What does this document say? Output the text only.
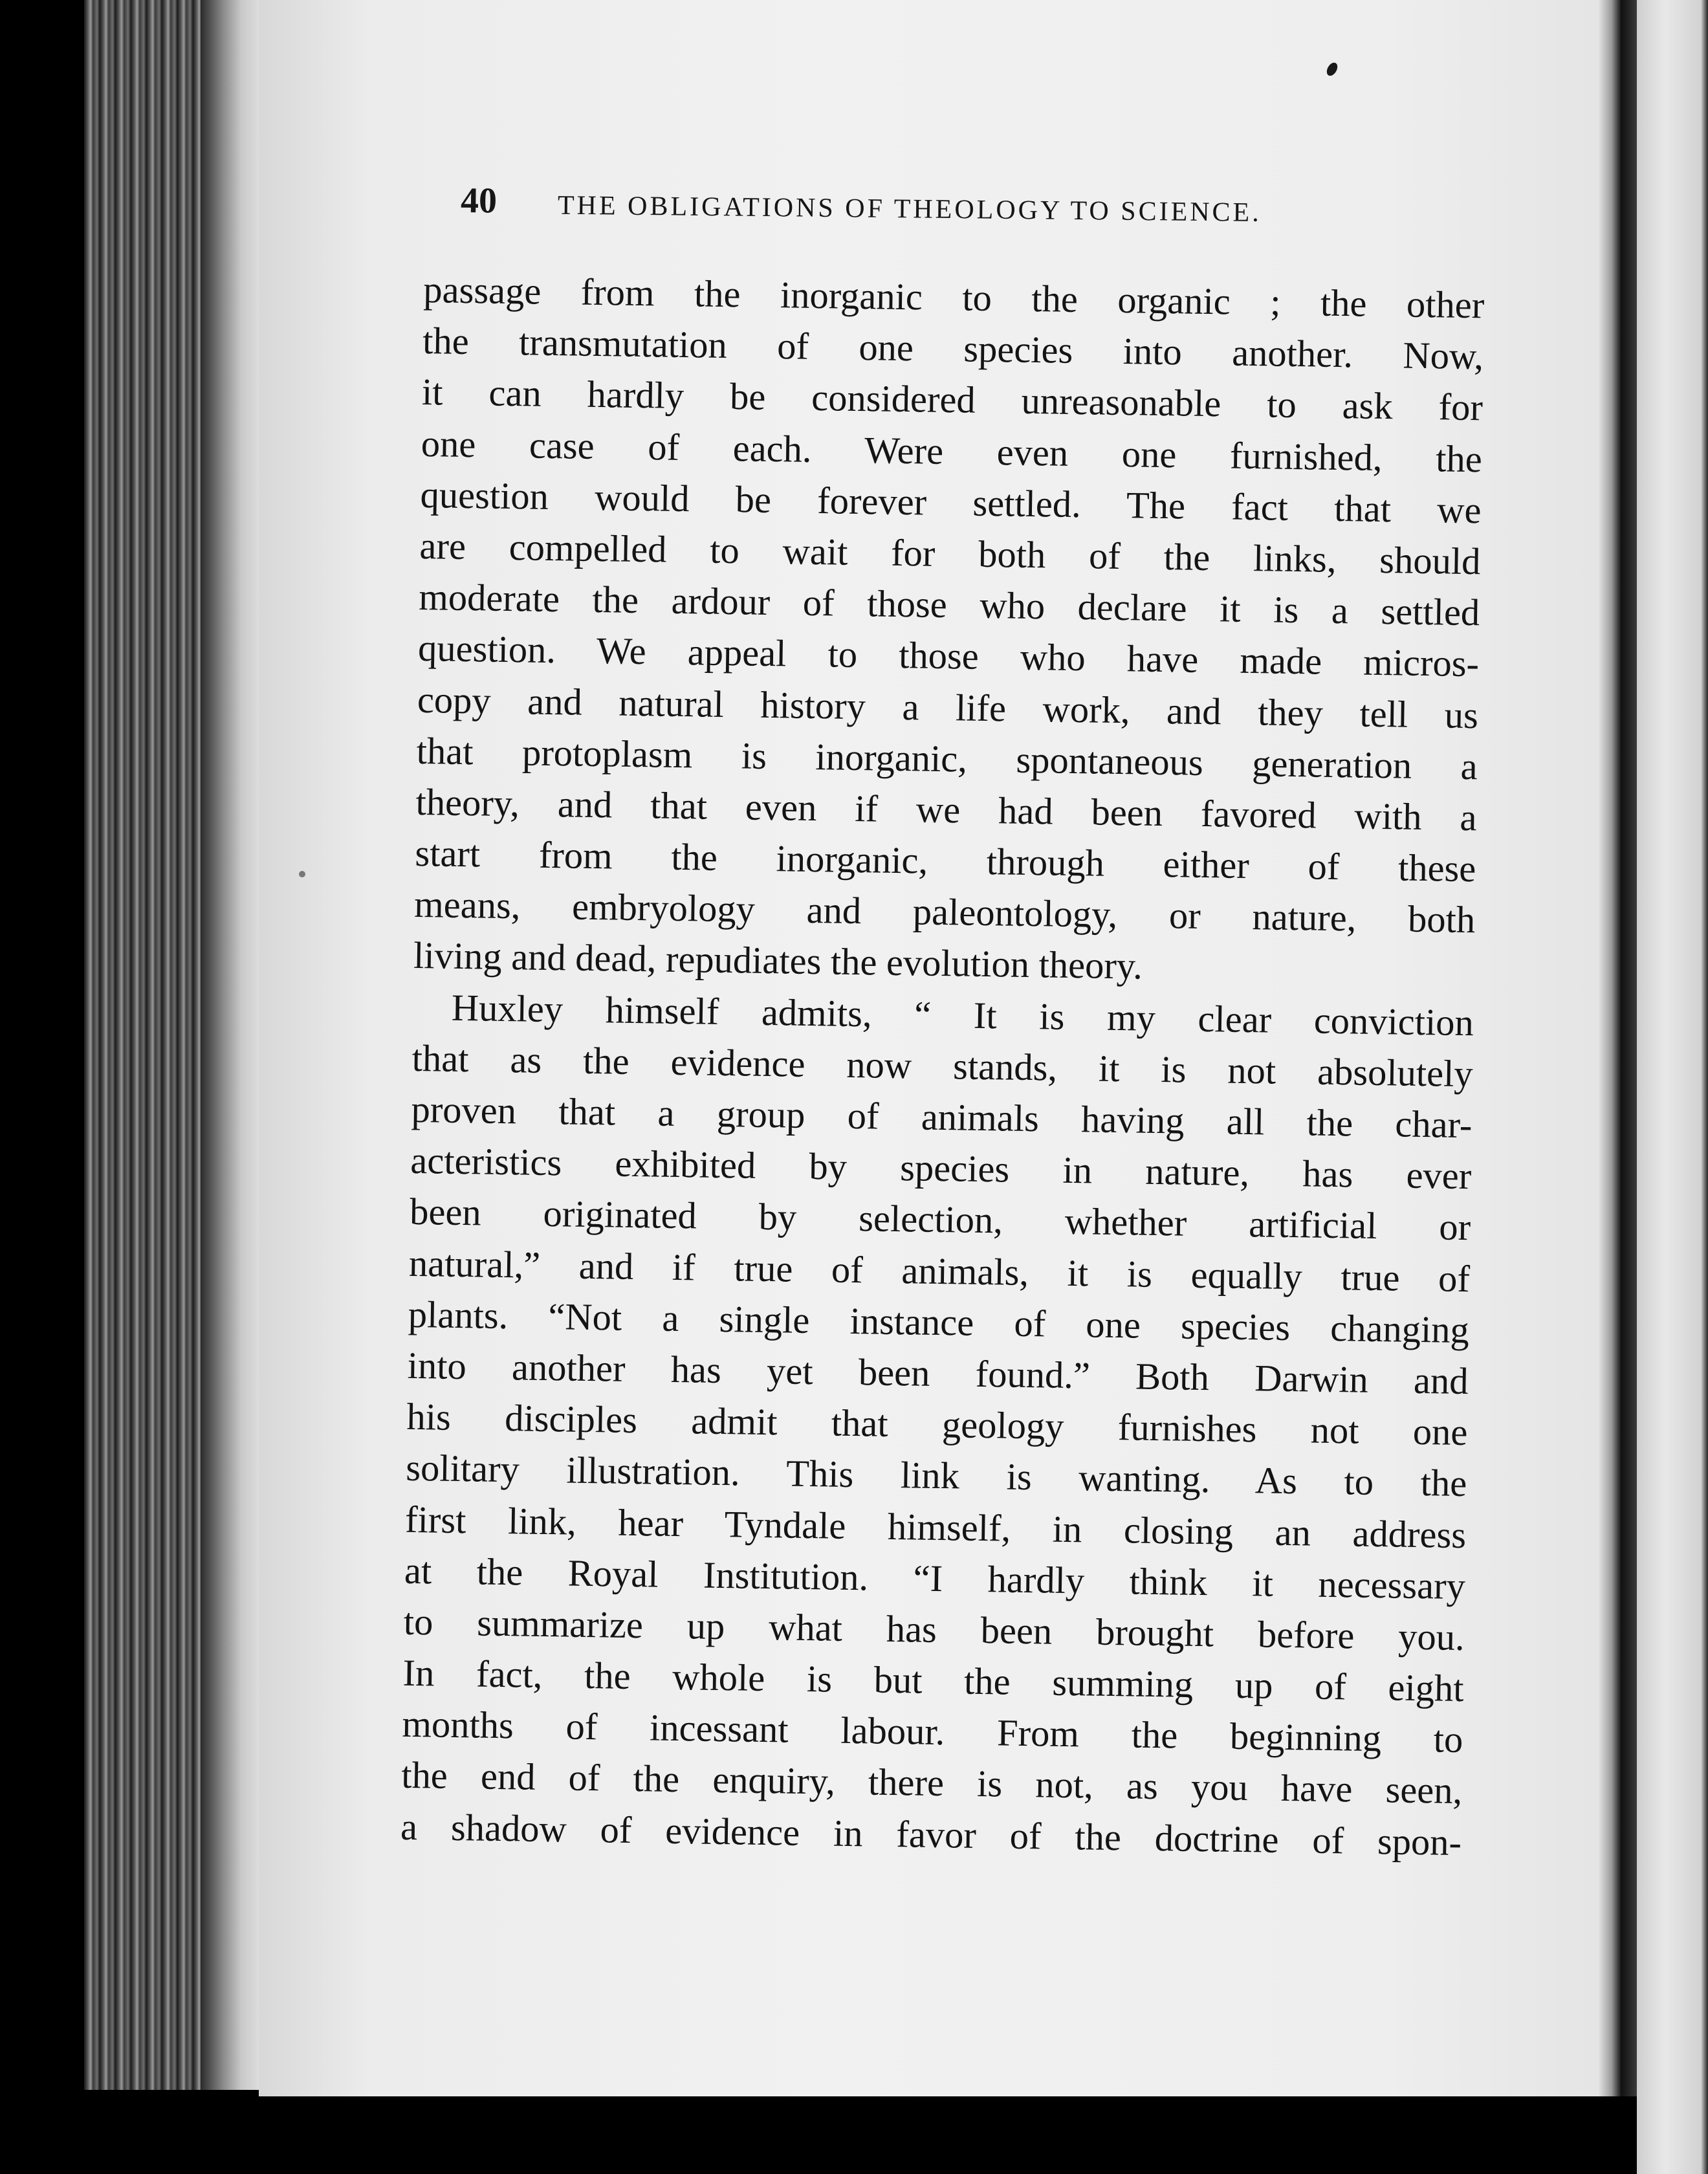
40 THE OBLIGATIONS OF THEOLOGY TO SCIENCE.
passage from the inorganic to the organic ; the other
the transmutation of one species into another. Now,
it can hardly be considered unreasonable to ask for
one case of each. Were even one furnished, the
question would be forever settled. The fact that we
are compelled to wait for both of the links, should
moderate the ardour of those who declare it is a settled
question. We appeal to those who have made micros-
copy and natural history a life work, and they tell us
that protoplasm is inorganic, spontaneous generation a
theory, and that even if we had been favored with a
start from the inorganic, through either of these
means, embryology and paleontology, or nature, both
living and dead, repudiates the evolution theory.
Huxley himself admits, “ It is my clear conviction
that as the evidence now stands, it is not absolutely
proven that a group of animals having all the char-
acteristics exhibited by species in nature, has ever
been originated by selection, whether artificial or
natural,” and if true of animals, it is equally true of
plants. “Not a single instance of one species changing
into another has yet been found.” Both Darwin and
his disciples admit that geology furnishes not one
solitary illustration. This link is wanting. As to the
first link, hear Tyndale himself, in closing an address
at the Royal Institution. “I hardly think it necessary
to summarize up what has been brought before you.
In fact, the whole is but the summing up of eight
months of incessant labour. From the beginning to
the end of the enquiry, there is not, as you have seen,
a shadow of evidence in favor of the doctrine of spon-
